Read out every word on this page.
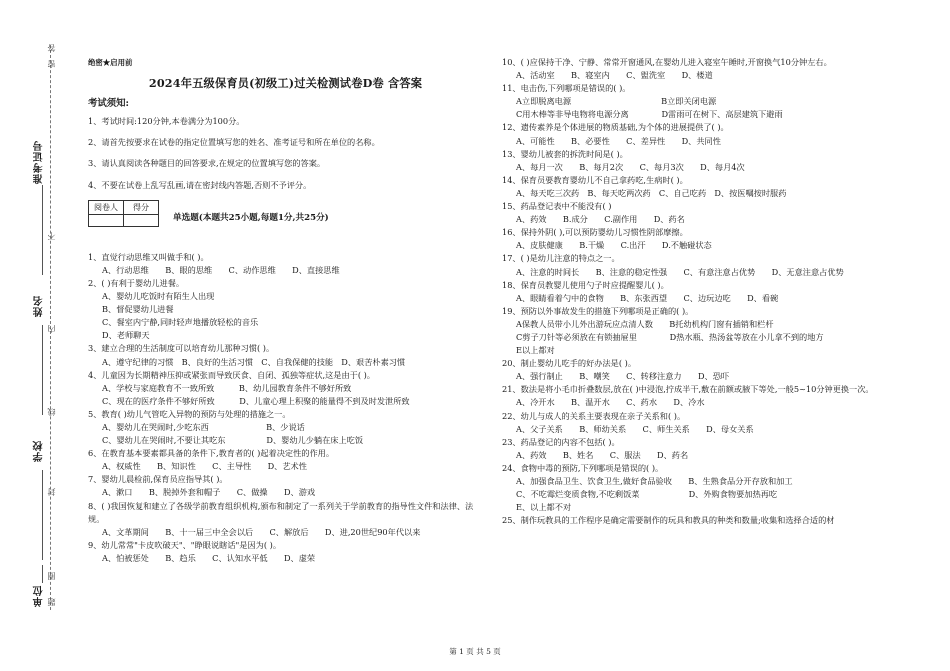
准考证号
姓名
学校
单位
密
不
内
线
封
圈
题
答
绝密★启用前
2024年五级保育员(初级工)过关检测试卷D卷 含答案
考试须知:
1、考试时间:120分钟,本卷满分为100分。
2、请首先按要求在试卷的指定位置填写您的姓名、准考证号和所在单位的名称。
3、请认真阅读各种题目的回答要求,在规定的位置填写您的答案。
4、不要在试卷上乱写乱画,请在密封线内答题,否则不予评分。
阅卷人	得分

单选题(本题共25小题,每题1分,共25分)
1、直觉行动思维又叫做手和( )。
A、行动思维　　B、眼的思维　　C、动作思维　　D、直接思维
2、( )有利于婴幼儿进餐。
A、婴幼儿吃饭时有陌生人出现
B、督促婴幼儿进餐
C、餐室内宁静,同时轻声地播放轻松的音乐
D、老师聊天
3、建立合理的生活制度可以培育幼儿那种习惯( )。
A、遵守纪律的习惯　B、良好的生活习惯　C、自我保健的技能　D、艰苦朴素习惯
4、儿童因为长期精神压抑或紧张而导致厌食、自闭、孤独等症状,这是由于( )。
A、学校与家庭教育不一致所致　　　B、幼儿园教育条件不够好所致
C、现在的医疗条件不够好所致　　　D、儿童心理上积聚的能量得不到及时发泄所致
5、教育( )幼儿气管吃入异物的预防与处理的措施之一。
A、婴幼儿在哭闹时,少吃东西　　　　　　　B、少说话
C、婴幼儿在哭闹时,不要让其吃东　　　　　D、婴幼儿少躺在床上吃饭
6、在教育基本要素都具备的条件下,教育者的( )起着决定性的作用。
A、权威性　　B、知识性　　C、主导性　　D、艺术性
7、婴幼儿晨检前,保育员应指导其( )。
A、漱口　　B、脱掉外套和帽子　　C、做操　　D、游戏
8、( )我国恢复和建立了各级学前教育组织机构,颁布和制定了一系列关于学前教育的指导性文件和法律、法规。
A、文革期间　　B、十一届三中全会以后　　C、解放后　　D、进,20世纪90年代以来
9、幼儿常常"卡皮吹破天"、"睁眼说瞎话"是因为( )。
A、怕被惩处　　B、趋乐　　C、认知水平低　　D、虚荣
10、( )应保持干净、宁静、常常开窗通风,在婴幼儿进入寝室午睡时,开窗换气10分钟左右。
A、活动室　　B、寝室内　　C、盥洗室　　D、楼道
11、电击伤,下列哪项是错误的( )。
A立即脱离电源　　　　　　　　　　　B立即关闭电源
C用木棒等非导电物将电源分离　　　　D雷雨可在树下、高层建筑下避雨
12、遗传素养是个体进展的物质基础,为个体的进展提供了( )。
A、可能性　　B、必要性　　C、差异性　　D、共同性
13、婴幼儿被套的拆洗时间是( )。
A、每月一次　　B、每月2次　　C、每月3次　　D、每月4次
14、保育员要教育婴幼儿不自己拿药吃,生病时( )。
A、每天吃三次药　B、每天吃两次药　C、自己吃药　D、按医嘱按时服药
15、药品登记表中不能没有( )
A、药效　　B.成分　　C.副作用　　D、药名
16、保持外阴( ),可以预防婴幼儿习惯性阴部摩擦。
A、皮肤健康　　B.干燥　　C.出汗　　D.不触碰状态
17、( )是幼儿注意的特点之一。
A、注意的时间长　　B、注意的稳定性强　　C、有意注意占优势　　D、无意注意占优势
18、保育员教婴儿使用勺子时应提醒婴儿( )。
A、眼睛看着勺中的食物　　B、东张西望　　C、边玩边吃　　D、看碗
19、预防以外事故发生的措施下列哪项是正确的( )。
A保教人员带小儿外出游玩应点清人数　　B托幼机构门窗有插销和栏杆
C剪子刀针等必须放在有锁抽屉里　　　　D热水瓶、热汤盆等放在小儿拿不到的地方
E以上都对
20、制止婴幼儿吃手的好办法是( )。
A、强行制止　　B、嘲笑　　C、转移注意力　　D、恐吓
21、数法是将小毛巾折叠数层,放在( )中浸泡,拧成半干,敷在前额或腋下等处,一般5~10分钟更换一次。
A、冷开水　　B、温开水　　C、药水　　D、冷水
22、幼儿与成人的关系主要表现在亲子关系和( )。
A、父子关系　　B、师幼关系　　C、师生关系　　D、母女关系
23、药品登记的内容不包括( )。
A、药效　　B、姓名　　C、服法　　D、药名
24、食物中毒的预防,下列哪项是错误的( )。
A、加强食品卫生、饮食卫生,做好食品验收　　B、生熟食品分开存放和加工
C、不吃霉烂变质食物,不吃剩饭菜　　　　　　D、外购食物要加热再吃
E、以上都不对
25、制作玩教具的工作程序是确定需要制作的玩具和教具的种类和数量;收集和选择合适的材
第 1 页 共 5 页
